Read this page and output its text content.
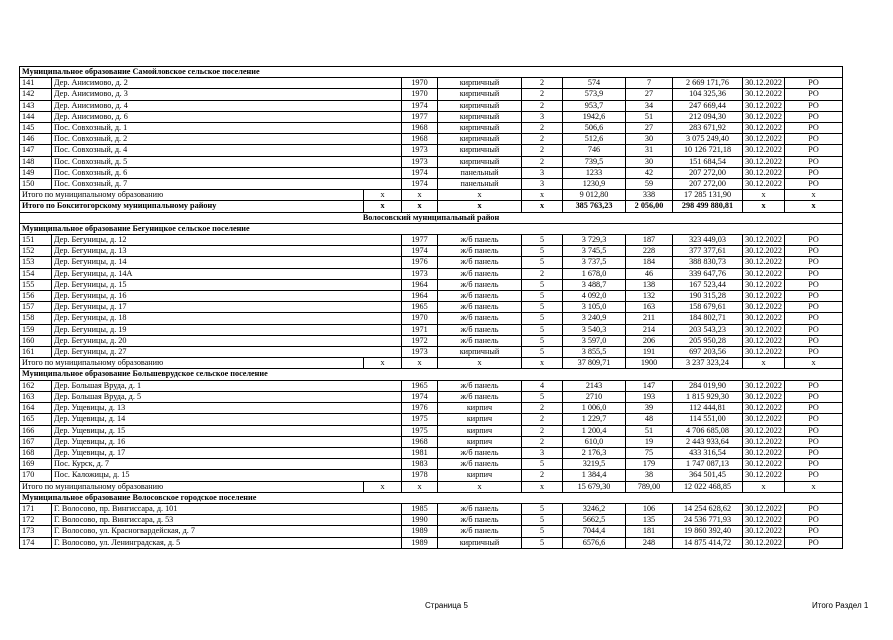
Муниципальное образование Самойловское сельское поселение										
141	Дер. Анисимово, д. 2		1970	кирпичный	2	574	7	2 669 171,76	30.12.2022	РО
142	Дер. Анисимово, д. 3		1970	кирпичный	2	573,9	27	104 325,36	30.12.2022	РО
143	Дер. Анисимово, д. 4		1974	кирпичный	2	953,7	34	247 669,44	30.12.2022	РО
144	Дер. Анисимово, д. 6		1977	кирпичный	3	1942,6	51	212 094,30	30.12.2022	РО
145	Пос. Совхозный, д. 1		1968	кирпичный	2	506,6	27	283 671,92	30.12.2022	РО
146	Пос. Совхозный, д. 2		1968	кирпичный	2	512,6	30	3 075 249,40	30.12.2022	РО
147	Пос. Совхозный, д. 4		1973	кирпичный	2	746	31	10 126 721,18	30.12.2022	РО
148	Пос. Совхозный, д. 5		1973	кирпичный	2	739,5	30	151 684,54	30.12.2022	РО
149	Пос. Совхозный, д. 6		1974	панельный	3	1233	42	207 272,00	30.12.2022	РО
150	Пос. Совхозный, д. 7		1974	панельный	3	1230,9	59	207 272,00	30.12.2022	РО
Итого по муниципальному образованию		х	х	х	х	9 012,80	338	17 285 131,90	х	х
Итого по Бокситогорскому муниципальному району		х	х	х	х	385 763,23	2 056,00	298 499 880,81	х	х
Волосовский муниципальный район										
Муниципальное образование Бегуницкое сельское поселение										
151	Дер. Бегуницы, д. 12		1977	ж/б панель	5	3 729,3	187	323 449,03	30.12.2022	РО
152	Дер. Бегуницы, д. 13		1974	ж/б панель	5	3 745,5	228	377 377,61	30.12.2022	РО
153	Дер. Бегуницы, д. 14		1976	ж/б панель	5	3 737,5	184	388 830,73	30.12.2022	РО
154	Дер. Бегуницы, д. 14А		1973	ж/б панель	2	1 678,0	46	339 647,76	30.12.2022	РО
155	Дер. Бегуницы, д. 15		1964	ж/б панель	5	3 488,7	138	167 523,44	30.12.2022	РО
156	Дер. Бегуницы, д. 16		1964	ж/б панель	5	4 092,0	132	190 315,28	30.12.2022	РО
157	Дер. Бегуницы, д. 17		1965	ж/б панель	5	3 105,0	163	158 679,61	30.12.2022	РО
158	Дер. Бегуницы, д. 18		1970	ж/б панель	5	3 240,9	211	184 802,71	30.12.2022	РО
159	Дер. Бегуницы, д. 19		1971	ж/б панель	5	3 540,3	214	203 543,23	30.12.2022	РО
160	Дер. Бегуницы, д. 20		1972	ж/б панель	5	3 597,0	206	205 950,28	30.12.2022	РО
161	Дер. Бегуницы, д. 27		1973	кирпичный	5	3 855,5	191	697 203,56	30.12.2022	РО
Итого по муниципальному образованию		х	х	х	х	37 809,71	1900	3 237 323,24	х	х
Муниципальное образование Большеврудское сельское поселение										
162	Дер. Большая Вруда, д. 1		1965	ж/б панель	4	2143	147	284 019,90	30.12.2022	РО
163	Дер. Большая Вруда, д. 5		1974	ж/б панель	5	2710	193	1 815 929,30	30.12.2022	РО
164	Дер. Ущевицы, д. 13		1976	кирпич	2	1 006,0	39	112 444,81	30.12.2022	РО
165	Дер. Ущевицы, д. 14		1975	кирпич	2	1 229,7	48	114 551,00	30.12.2022	РО
166	Дер. Ущевицы, д. 15		1975	кирпич	2	1 200,4	51	4 706 685,08	30.12.2022	РО
167	Дер. Ущевицы, д. 16		1968	кирпич	2	610,0	19	2 443 933,64	30.12.2022	РО
168	Дер. Ущевицы, д. 17		1981	ж/б панель	3	2 176,3	75	433 316,54	30.12.2022	РО
169	Пос. Курск, д. 7		1983	ж/б панель	5	3219,5	179	1 747 087,13	30.12.2022	РО
170	Пос. Каложицы, д. 15		1978	кирпич	2	1 384,4	38	364 501,45	30.12.2022	РО
Итого по муниципальному образованию		х	х	х	х	15 679,30	789,00	12 022 468,85	х	х
Муниципальное образование Волосовское городское поселение										
171	Г. Волосово, пр. Вингиссара, д. 101		1985	ж/б панель	5	3246,2	106	14 254 628,62	30.12.2022	РО
172	Г. Волосово, пр. Вингиссара, д. 53		1990	ж/б панель	5	5662,5	135	24 536 771,93	30.12.2022	РО
173	Г. Волосово, ул. Красногвардейская, д. 7		1989	ж/б панель	5	7044,4	181	19 860 392,40	30.12.2022	РО
174	Г. Волосово, ул. Ленинградская, д. 5		1989	кирпичный	5	6576,6	248	14 875 414,72	30.12.2022	РО
Страница 5	Итого Раздел 1
